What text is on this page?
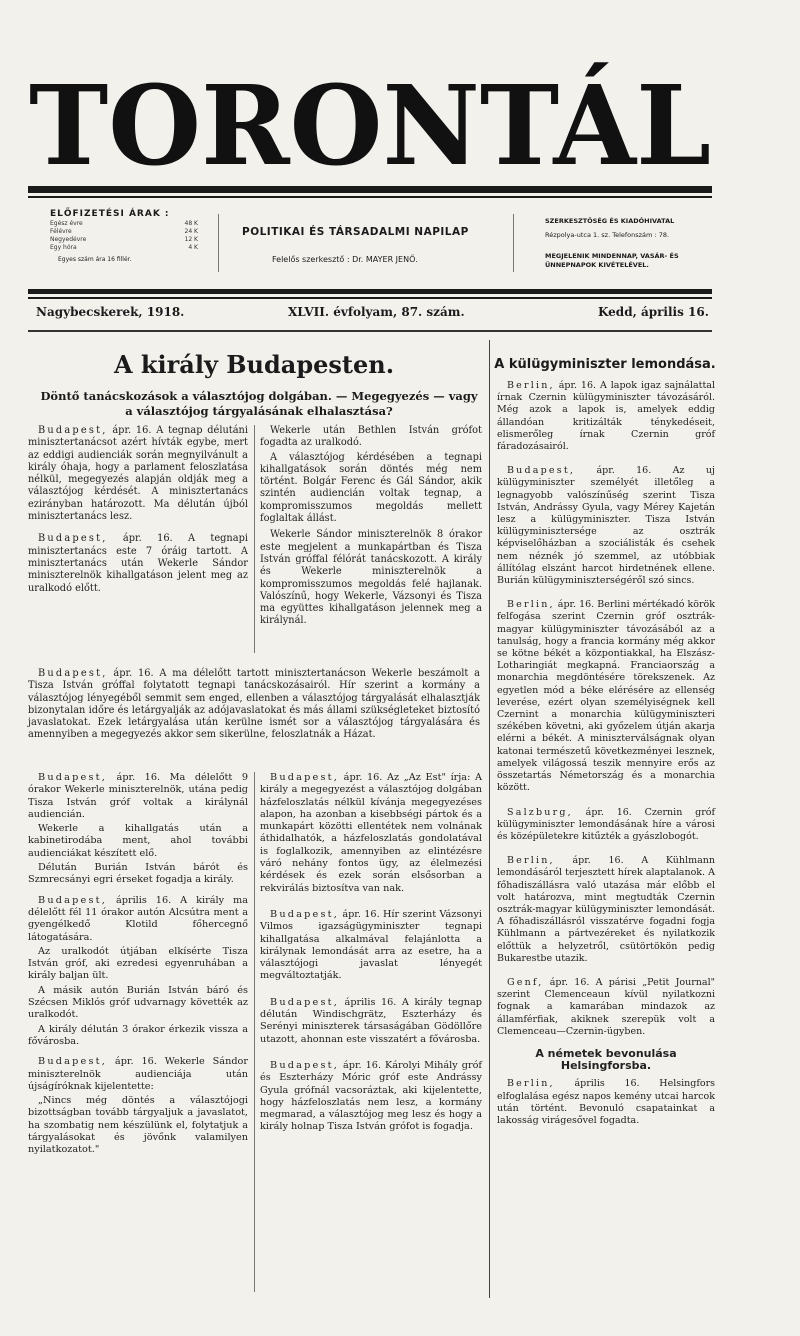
TORONTÁL
ELŐFIZETÉSI ÁRAK :
Egész évre	48 K
Félévre	24 K
Negyedévre	12 K
Egy hóra	4 K
Egyes szám ára 16 fillér.
POLITIKAI ÉS TÁRSADALMI NAPILAP
Felelős szerkesztő : Dr. MAYER JENŐ.
SZERKESZTŐSÉG ÉS KIADÓHIVATAL
Rézpolya-utca 1. sz. Telefonszám : 78.
MEGJELENIK MINDENNAP, VASÁR- ÉS ÜNNEPNAPOK KIVÉTELÉVEL.
Nagybecskerek, 1918.	XLVII. évfolyam, 87. szám.	Kedd, április 16.
A király Budapesten.
Döntő tanácskozások a választójog dolgában. — Megegyezés — vagy
a választójog tárgyalásának elhalasztása?

Budapest, ápr. 16. A tegnap délutáni minisztertanácsot azért hívták egybe, mert az eddigi audienciák során megnyilvánult a király óhaja, hogy a parlament feloszlatása nélkül, megegyezés alapján oldják meg a választójog kérdését. A minisztertanács ezirányban határozott. Ma délután újból minisztertanács lesz.

Budapest, ápr. 16. A tegnapi minisztertanács este 7 óráig tartott. A minisztertanács után Wekerle Sándor miniszterelnök kihallgatáson jelent meg az uralkodó előtt.

Wekerle után Bethlen István grófot fogadta az uralkodó.

A választójog kérdésében a tegnapi kihallgatások során döntés még nem történt. Bolgár Ferenc és Gál Sándor, akik szintén audiencián voltak tegnap, a kompromisszumos megoldás mellett foglaltak állást.

Wekerle Sándor miniszterelnök 8 órakor este megjelent a munkapártban és Tisza István gróffal félórát tanácskozott. A király és Wekerle miniszterelnök a kompromisszumos megoldás felé hajlanak. Valószínű, hogy Wekerle, Vázsonyi és Tisza ma együttes kihallgatáson jelennek meg a királynál.

Budapest, ápr. 16. A ma délelőtt tartott minisztertanácson Wekerle beszámolt a Tisza István gróffal folytatott tegnapi tanácskozásairól. Hír szerint a kormány a választójog lényegéből semmit sem enged, ellenben a választójog tárgyalását elhalasztják bizonytalan időre és letárgyalják az adójavaslatokat és más állami szükségleteket biztosító javaslatokat. Ezek letárgyalása után kerülne ismét sor a választójog tárgyalására és amennyiben a megegyezés akkor sem sikerülne, feloszlatnák a Házat.

Budapest, ápr. 16. Ma délelőtt 9 órakor Wekerle miniszterelnök, utána pedig Tisza István gróf voltak a királynál audiencián.

Wekerle a kihallgatás után a kabinetirodába ment, ahol további audienciákat készített elő.

Délután Burián István bárót és Szmrecsányi egri érseket fogadja a király.

Budapest, április 16. A király ma délelőtt fél 11 órakor autón Alcsútra ment a gyengélkedő Klotild főhercegnő látogatására.

Az uralkodót útjában elkísérte Tisza István gróf, aki ezredesi egyenruhában a király baljan ült.

A másik autón Burián István báró és Szécsen Miklós gróf udvarnagy követték az uralkodót.

A király délután 3 órakor érkezik vissza a fővárosba.

Budapest, ápr. 16. Wekerle Sándor miniszterelnök audienciája után újságíróknak kijelentette:

„Nincs még döntés a választójogi bizottságban tovább tárgyaljuk a javaslatot, ha szombatig nem készülünk el, folytatjuk a tárgyalásokat és jövőnk valamilyen nyilatkozatot."

Budapest, ápr. 16. Az „Az Est" írja: A király a megegyezést a választójog dolgában házfeloszlatás nélkül kívánja megegyezéses alapon, ha azonban a kisebbségi pártok és a munkapárt közötti ellentétek nem volnának áthidalhatók, a házfeloszlatás gondolatával is foglalkozik, amennyiben az elintézésre váró nehány fontos ügy, az élelmezési kérdések és ezek során elsősorban a rekvirálás biztosítva van nak.

Budapest, ápr. 16. Hír szerint Vázsonyi Vilmos igazságügyminiszter tegnapi kihallgatása alkalmával felajánlotta a királynak lemondását arra az esetre, ha a választójogi javaslat lényegét megváltoztatják.

Budapest, április 16. A király tegnap délután Windischgrätz, Eszterházy és Serényi miniszterek társaságában Gödöllőre utazott, ahonnan este visszatért a fővárosba.

Budapest, ápr. 16. Károlyi Mihály gróf és Eszterházy Móric gróf este Andrássy Gyula grófnál vacsoráztak, aki kijelentette, hogy házfeloszlatás nem lesz, a kormány megmarad, a választójog meg lesz és hogy a király holnap Tisza István grófot is fogadja.

A külügyminiszter lemondása.

Berlin, ápr. 16. A lapok igaz sajnálattal írnak Czernin külügyminiszter távozásáról. Még azok a lapok is, amelyek eddig állandóan kritizálták ténykedéseit, elismerőleg írnak Czernin gróf fáradozásairól.

Budapest, ápr. 16. Az uj külügyminiszter személyét illetőleg a legnagyobb valószínűség szerint Tisza István, Andrássy Gyula, vagy Mérey Kajetán lesz a külügyminiszter. Tisza István külügyminisztersége az osztrák képviselőházban a szociálisták és csehek nem néznék jó szemmel, az utóbbiak állítólag elszánt harcot hirdetnének ellene. Burián külügyminiszterségéről szó sincs.

Berlin, ápr. 16. Berlini mértékadó körök felfogása szerint Czernin gróf osztrák-magyar külügyminiszter távozásából az a tanulság, hogy a francia kormány még akkor se kötne békét a központiakkal, ha Elszász-Lotharingiát megkapná. Franciaország a monarchia megdöntésére törekszenek. Az egyetlen mód a béke elérésére az ellenség leverése, ezért olyan személyiségnek kell Czernint a monarchia külügyminiszteri székében követni, aki győzelem útján akarja elérni a békét. A miniszterválságnak olyan katonai természetű következményei lesznek, amelyek világossá teszik mennyire erős az összetartás Németország és a monarchia között.

Salzburg, ápr. 16. Czernin gróf külügyminiszter lemondásának híre a városi és középületekre kitűzték a gyászlobogót.

Berlin, ápr. 16. A Kühlmann lemondásáról terjesztett hírek alaptalanok. A főhadiszállásra való utazása már előbb el volt határozva, mint megtudták Czernin osztrák-magyar külügyminiszter lemondását. A főhadiszállásról visszatérve fogadni fogja Kühlmann a pártvezéreket és nyilatkozik előttük a helyzetről, csütörtökön pedig Bukarestbe utazik.

Genf, ápr. 16. A párisi „Petit Journal" szerint Clemenceaun kívül nyilatkozni fognak a kamarában mindazok az államférfiak, akiknek szerepük volt a Clemenceau—Czernin-ügyben.

A németek bevonulása Helsingforsba.

Berlin, április 16. Helsingfors elfoglalása egész napos kemény utcai harcok után történt. Bevonuló csapatainkat a lakosság virágesővel fogadta.
